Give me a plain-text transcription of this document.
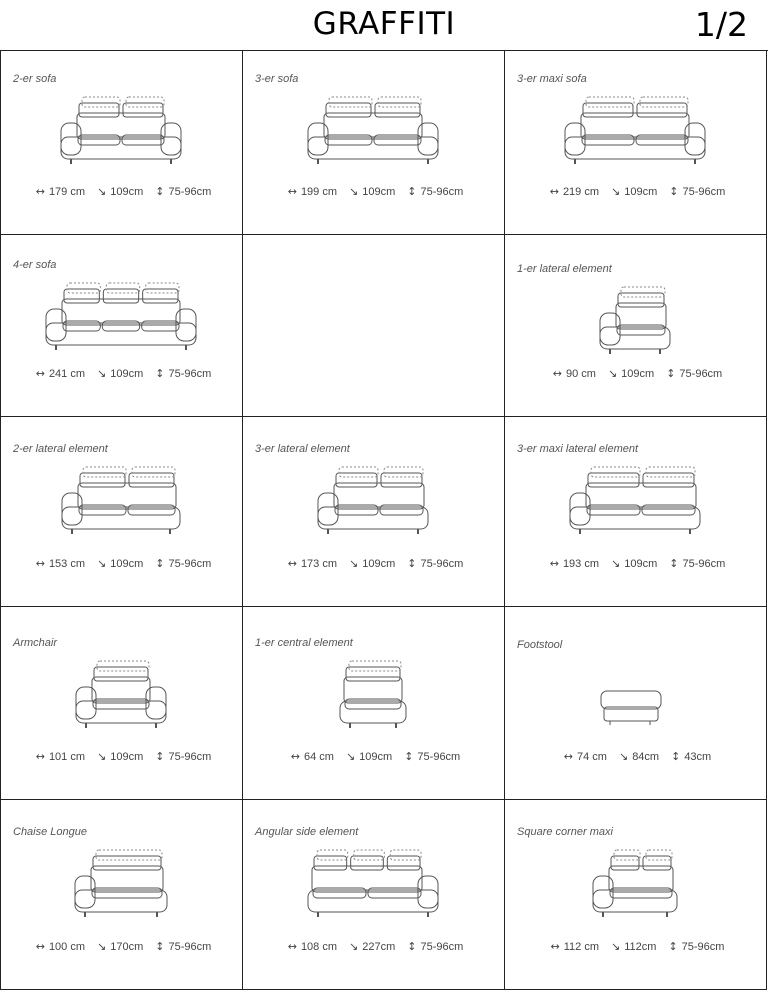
GRAFFITI	1/2
2-er sofa
↔ 179 cm ↘ 109cm ↕ 75-96cm
3-er sofa
↔ 199 cm ↘ 109cm ↕ 75-96cm
3-er maxi sofa
↔ 219 cm ↘ 109cm ↕ 75-96cm
4-er sofa
↔ 241 cm ↘ 109cm ↕ 75-96cm
1-er lateral element
↔ 90 cm ↘ 109cm ↕ 75-96cm
2-er lateral element
↔ 153 cm ↘ 109cm ↕ 75-96cm
3-er lateral element
↔ 173 cm ↘ 109cm ↕ 75-96cm
3-er maxi lateral element
↔ 193 cm ↘ 109cm ↕ 75-96cm
Armchair
↔ 101 cm ↘ 109cm ↕ 75-96cm
1-er central element
↔ 64 cm ↘ 109cm ↕ 75-96cm
Footstool
↔ 74 cm ↘ 84cm ↕ 43cm
Chaise Longue
↔ 100 cm ↘ 170cm ↕ 75-96cm
Angular side element
↔ 108 cm ↘ 227cm ↕ 75-96cm
Square corner maxi
↔ 112 cm ↘ 112cm ↕ 75-96cm
